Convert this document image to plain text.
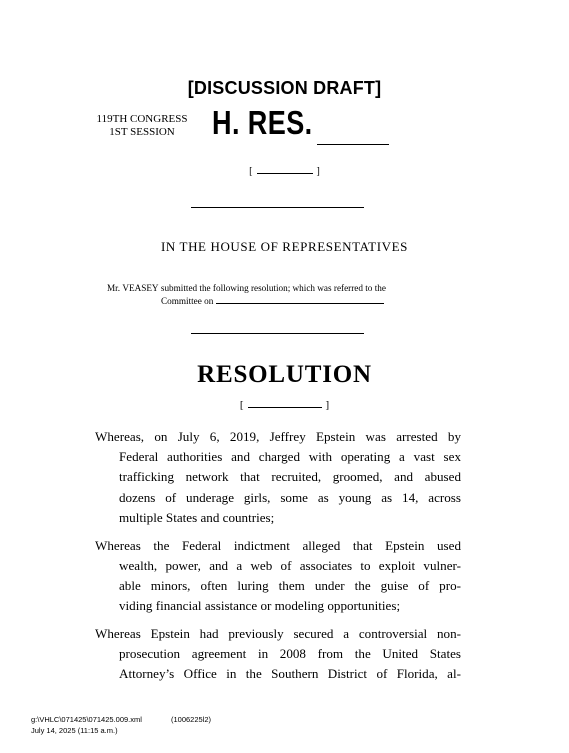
[DISCUSSION DRAFT]
119TH CONGRESS
1ST SESSION	H. RES.
[	]
IN THE HOUSE OF REPRESENTATIVES
Mr. VEASEY submitted the following resolution; which was referred to the
Committee on
RESOLUTION
[	]
Whereas, on July 6, 2019, Jeffrey Epstein was arrested by
Federal authorities and charged with operating a vast sex
trafficking network that recruited, groomed, and abused
dozens of underage girls, some as young as 14, across
multiple States and countries;
Whereas the Federal indictment alleged that Epstein used
wealth, power, and a web of associates to exploit vulner-
able minors, often luring them under the guise of pro-
viding financial assistance or modeling opportunities;
Whereas Epstein had previously secured a controversial non-
prosecution agreement in 2008 from the United States
Attorney’s Office in the Southern District of Florida, al-
g:\VHLC\071425\071425.009.xml	(1006225l2)
July 14, 2025 (11:15 a.m.)
